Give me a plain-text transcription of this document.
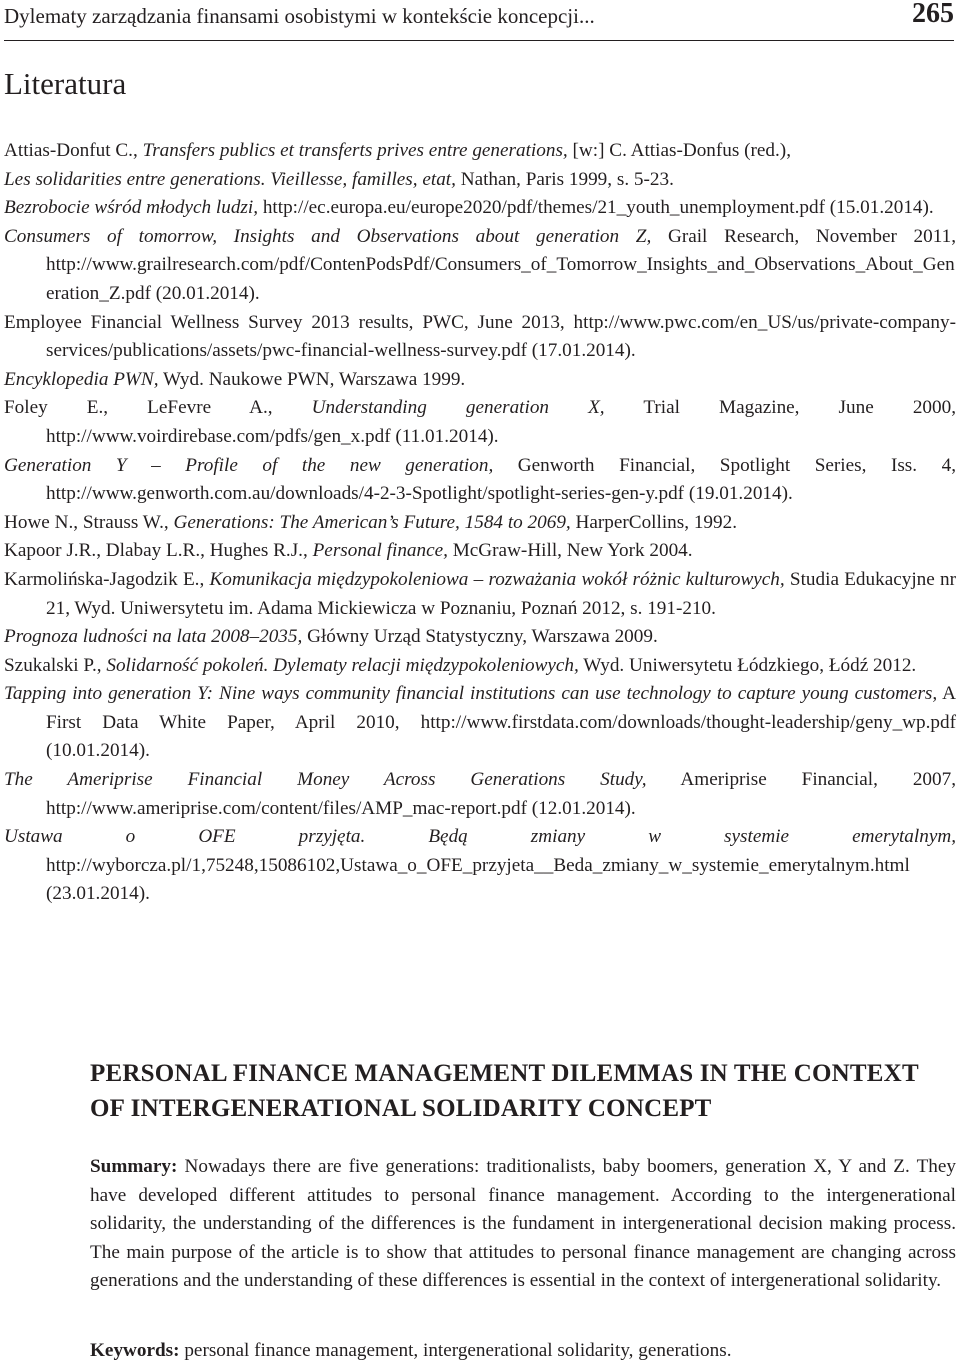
Dylematy zarządzania finansami osobistymi w kontekście koncepcji...	265
Literatura
Attias-Donfut C., Transfers publics et transferts prives entre generations, [w:] C. Attias-Donfus (red.),
Les solidarities entre generations. Vieillesse, familles, etat, Nathan, Paris 1999, s. 5-23.
Bezrobocie wśród młodych ludzi, http://ec.europa.eu/europe2020/pdf/themes/21_youth_unemployment.pdf (15.01.2014).
Consumers of tomorrow, Insights and Observations about generation Z, Grail Research, November 2011, http://www.grailresearch.com/pdf/ContenPodsPdf/Consumers_of_Tomorrow_Insights_and_Observations_About_Generation_Z.pdf (20.01.2014).
Employee Financial Wellness Survey 2013 results, PWC, June 2013, http://www.pwc.com/en_US/us/private-company-services/publications/assets/pwc-financial-wellness-survey.pdf (17.01.2014).
Encyklopedia PWN, Wyd. Naukowe PWN, Warszawa 1999.
Foley E., LeFevre A., Understanding generation X, Trial Magazine, June 2000, http://www.voirdirebase.com/pdfs/gen_x.pdf (11.01.2014).
Generation Y – Profile of the new generation, Genworth Financial, Spotlight Series, Iss. 4, http://www.genworth.com.au/downloads/4-2-3-Spotlight/spotlight-series-gen-y.pdf (19.01.2014).
Howe N., Strauss W., Generations: The American’s Future, 1584 to 2069, HarperCollins, 1992.
Kapoor J.R., Dlabay L.R., Hughes R.J., Personal finance, McGraw-Hill, New York 2004.
Karmolińska-Jagodzik E., Komunikacja międzypokoleniowa – rozważania wokół różnic kulturowych, Studia Edukacyjne nr 21, Wyd. Uniwersytetu im. Adama Mickiewicza w Poznaniu, Poznań 2012, s. 191-210.
Prognoza ludności na lata 2008–2035, Główny Urząd Statystyczny, Warszawa 2009.
Szukalski P., Solidarność pokoleń. Dylematy relacji międzypokoleniowych, Wyd. Uniwersytetu Łódzkiego, Łódź 2012.
Tapping into generation Y: Nine ways community financial institutions can use technology to capture young customers, A First Data White Paper, April 2010, http://www.firstdata.com/downloads/thought-leadership/geny_wp.pdf (10.01.2014).
The Ameriprise Financial Money Across Generations Study, Ameriprise Financial, 2007, http://www.ameriprise.com/content/files/AMP_mac-report.pdf (12.01.2014).
Ustawa o OFE przyjęta. Będą zmiany w systemie emerytalnym, http://wyborcza.pl/1,75248,15086102,Ustawa_o_OFE_przyjeta__Beda_zmiany_w_systemie_emerytalnym.html (23.01.2014).
PERSONAL FINANCE MANAGEMENT DILEMMAS IN THE CONTEXT OF INTERGENERATIONAL SOLIDARITY CONCEPT

Summary: Nowadays there are five generations: traditionalists, baby boomers, generation X, Y and Z. They have developed different attitudes to personal finance management. According to the intergenerational solidarity, the understanding of the differences is the fundament in intergenerational decision making process. The main purpose of the article is to show that attitudes to personal finance management are changing across generations and the understanding of these differences is essential in the context of intergenerational solidarity.

Keywords: personal finance management, intergenerational solidarity, generations.
